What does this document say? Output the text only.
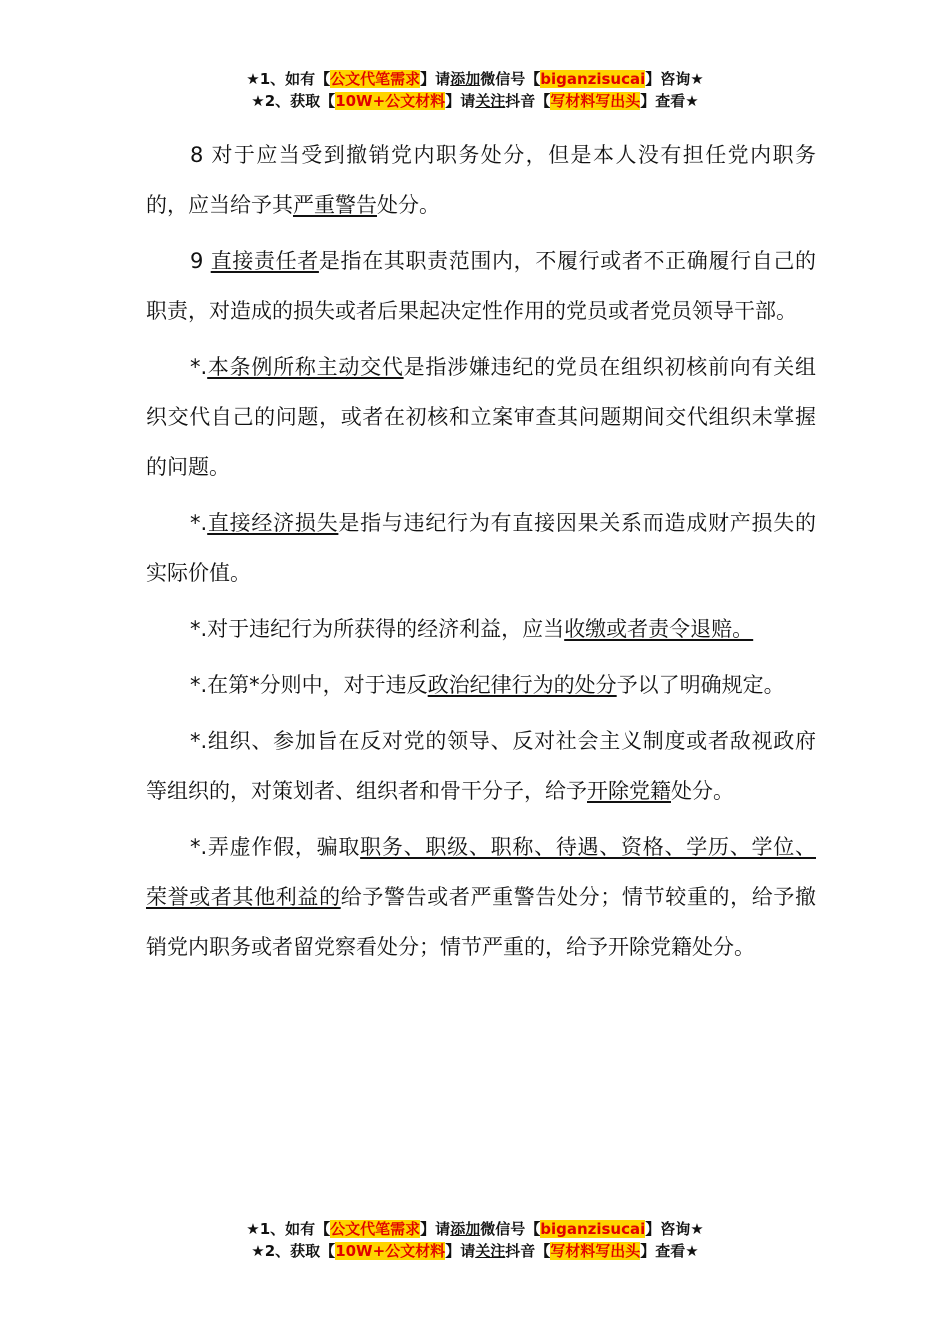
★1、如有【公文代笔需求】请添加微信号【biganzisucai】咨询★
★2、获取【10W+公文材料】请关注抖音【写材料写出头】查看★

8 对于应当受到撤销党内职务处分，但是本人没有担任党内职务的，应当给予其严重警告处分。

9 直接责任者是指在其职责范围内，不履行或者不正确履行自己的职责，对造成的损失或者后果起决定性作用的党员或者党员领导干部。

*.本条例所称主动交代是指涉嫌违纪的党员在组织初核前向有关组织交代自己的问题，或者在初核和立案审查其问题期间交代组织未掌握的问题。

*.直接经济损失是指与违纪行为有直接因果关系而造成财产损失的实际价值。

*.对于违纪行为所获得的经济利益，应当收缴或者责令退赔。

*.在第*分则中，对于违反政治纪律行为的处分予以了明确规定。

*.组织、参加旨在反对党的领导、反对社会主义制度或者敌视政府等组织的，对策划者、组织者和骨干分子，给予开除党籍处分。

*.弄虚作假，骗取职务、职级、职称、待遇、资格、学历、学位、荣誉或者其他利益的给予警告或者严重警告处分；情节较重的，给予撤销党内职务或者留党察看处分；情节严重的，给予开除党籍处分。

★1、如有【公文代笔需求】请添加微信号【biganzisucai】咨询★
★2、获取【10W+公文材料】请关注抖音【写材料写出头】查看★
